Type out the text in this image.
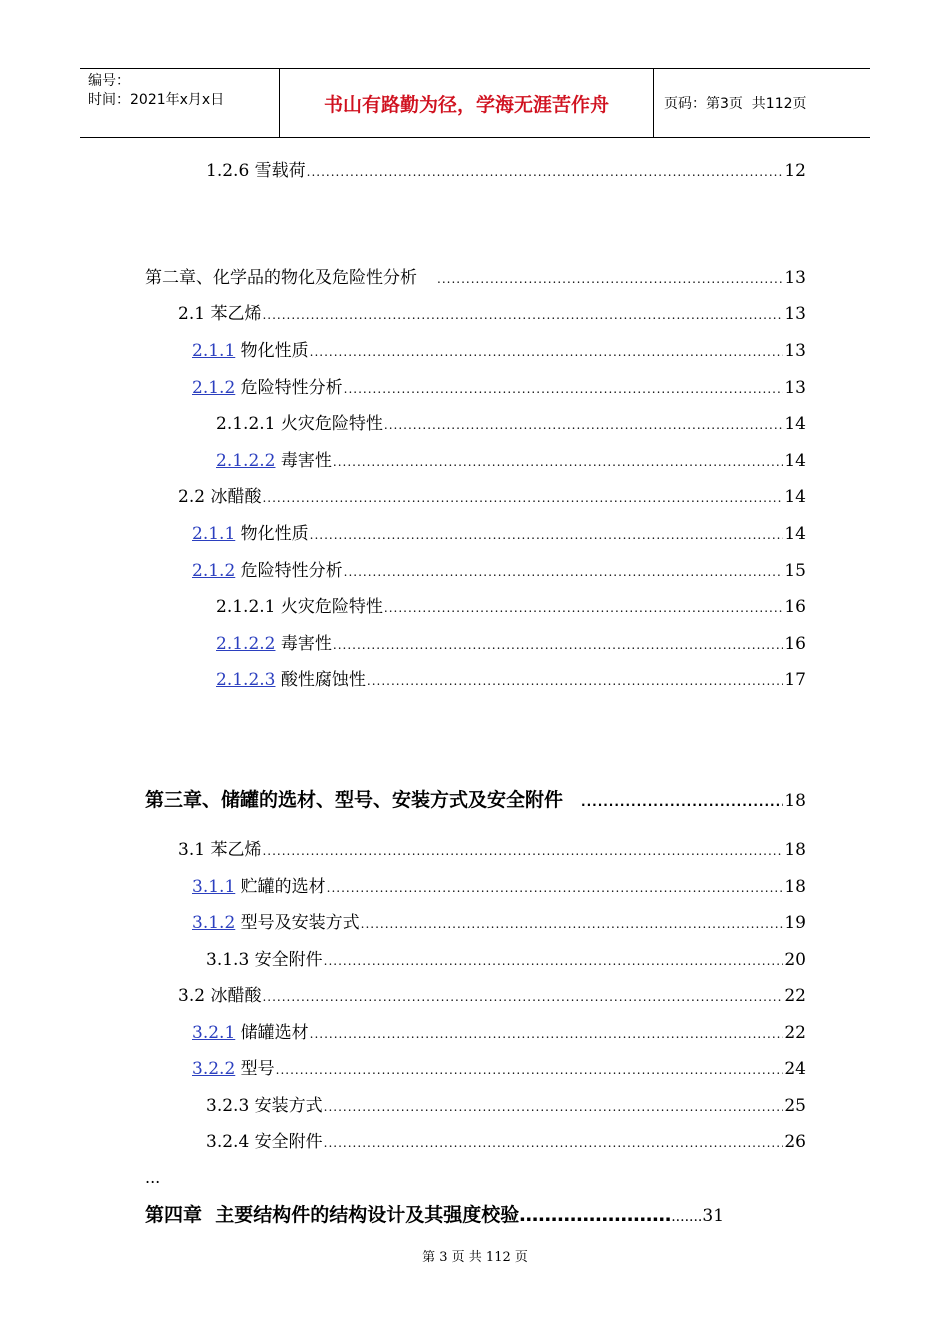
编号：
时间：2021年x月x日	书山有路勤为径，学海无涯苦作舟	页码：第3页  共112页
1.2.6 雪载荷 .....	12
第二章、化学品的物化及危险性分析 .....	13
2.1 苯乙烯 .....	13
2.1.1 物化性质 .....	13
2.1.2 危险特性分析 .....	13
2.1.2.1 火灾危险特性 .....	14
2.1.2.2 毒害性 .....	14
2.2 冰醋酸 .....	14
2.1.1 物化性质 .....	14
2.1.2 危险特性分析 .....	15
2.1.2.1 火灾危险特性 .....	16
2.1.2.2 毒害性 .....	16
2.1.2.3 酸性腐蚀性 .....	17
第三章、储罐的选材、型号、安装方式及安全附件 .....	18
3.1 苯乙烯 .....	18
3.1.1 贮罐的选材 .....	18
3.1.2 型号及安装方式 .....	19
3.1.3 安全附件 .....	20
3.2 冰醋酸 .....	22
3.2.1 储罐选材 .....	22
3.2.2 型号 .....	24
3.2.3 安装方式 .....	25
3.2.4 安全附件 .....	26
...
第四章  主要结构件的结构设计及其强度校验…………………… ....... 31
第 3 页 共 112 页
